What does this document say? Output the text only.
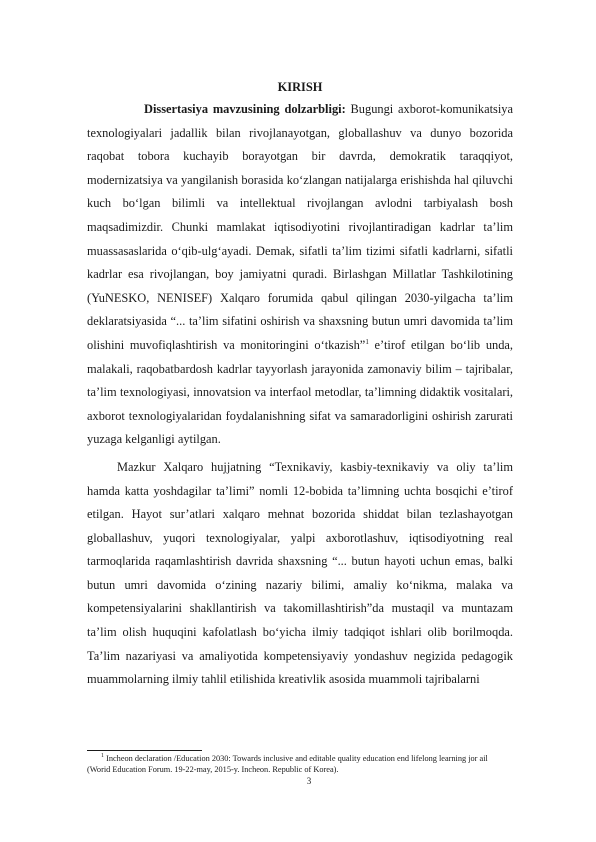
KIRISH

Dissertasiya mavzusining dolzarbligi: Bugungi axborot-komunikatsiya texnologiyalari jadallik bilan rivojlanayotgan, globallashuv va dunyo bozorida raqobat tobora kuchayib borayotgan bir davrda, demokratik taraqqiyot, modernizatsiya va yangilanish borasida ko‘zlangan natijalarga erishishda hal qiluvchi kuch bo‘lgan bilimli va intellektual rivojlangan avlodni tarbiyalash bosh maqsadimizdir. Chunki mamlakat iqtisodiyotini rivojlantiradigan kadrlar ta’lim muassasaslarida o‘qib-ulg‘ayadi. Demak, sifatli ta’lim tizimi sifatli kadrlarni, sifatli kadrlar esa rivojlangan, boy jamiyatni quradi. Birlashgan Millatlar Tashkilotining (YuNESKO, NENISEF) Xalqaro forumida qabul qilingan 2030-yilgacha ta’lim deklaratsiyasida “... ta’lim sifatini oshirish va shaxsning butun umri davomida ta’lim olishini muvofiqlashtirish va monitoringini o‘tkazish”$^1$ e’tirof etilgan bo‘lib unda, malakali, raqobatbardosh kadrlar tayyorlash jarayonida zamonaviy bilim – tajribalar, ta’lim texnologiyasi, innovatsion va interfaol metodlar, ta’limning didaktik vositalari, axborot texnologiyalaridan foydalanishning sifat va samaradorligini oshirish zarurati yuzaga kelganligi aytilgan.

Mazkur Xalqaro hujjatning “Texnikaviy, kasbiy-texnikaviy va oliy ta’lim hamda katta yoshdagilar ta’limi” nomli 12-bobida ta’limning uchta bosqichi e’tirof etilgan. Hayot sur’atlari xalqaro mehnat bozorida shiddat bilan tezlashayotgan globallashuv, yuqori texnologiyalar, yalpi axborotlashuv, iqtisodiyotning real tarmoqlarida raqamlashtirish davrida shaxsning “... butun hayoti uchun emas, balki butun umri davomida o‘zining nazariy bilimi, amaliy ko‘nikma, malaka va kompetensiyalarini shakllantirish va takomillashtirish”da mustaqil va muntazam ta’lim olish huquqini kafolatlash bo‘yicha ilmiy tadqiqot ishlari olib borilmoqda. Ta’lim nazariyasi va amaliyotida kompetensiyaviy yondashuv negizida pedagogik muammolarning ilmiy tahlil etilishida kreativlik asosida muammoli tajribalarni

$^1$ Incheon declaration /Education 2030: Towards inclusive and editable quality education end lifelong learning jor ail (Worid Education Forum. 19-22-may, 2015-y. Incheon. Republic of Korea).

3
